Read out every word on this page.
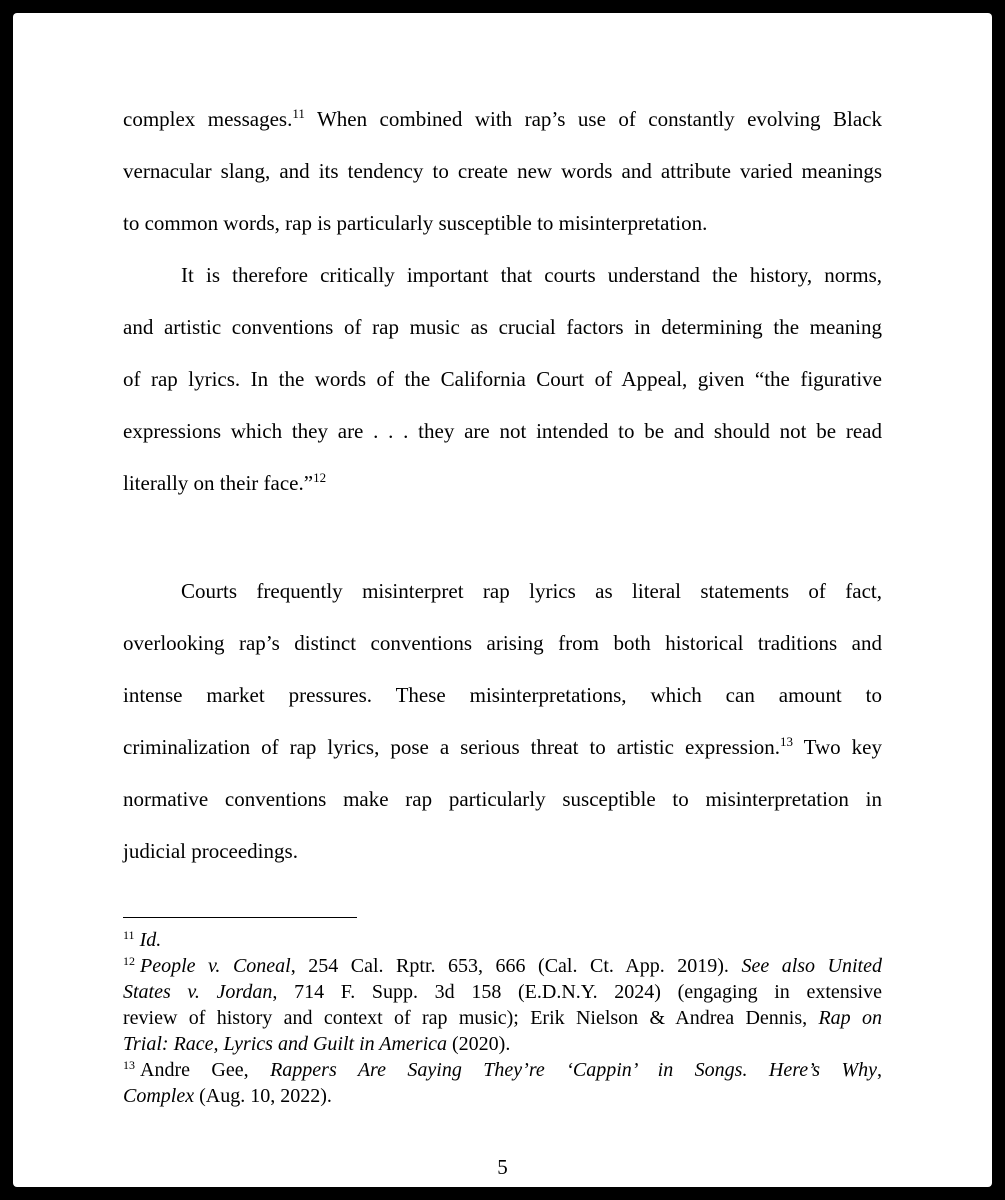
complex messages.$^{11}$ When combined with rap’s use of constantly evolving Black
vernacular slang, and its tendency to create new words and attribute varied meanings
to common words, rap is particularly susceptible to misinterpretation.
It is therefore critically important that courts understand the history, norms,
and artistic conventions of rap music as crucial factors in determining the meaning
of rap lyrics. In the words of the California Court of Appeal, given “the figurative
expressions which they are . . . they are not intended to be and should not be read
literally on their face.”$^{12}$
Courts frequently misinterpret rap lyrics as literal statements of fact,
overlooking rap’s distinct conventions arising from both historical traditions and
intense market pressures. These misinterpretations, which can amount to
criminalization of rap lyrics, pose a serious threat to artistic expression.$^{13}$ Two key
normative conventions make rap particularly susceptible to misinterpretation in
judicial proceedings.
$^{11}$ Id.
$^{12}$ People v. Coneal, 254 Cal. Rptr. 653, 666 (Cal. Ct. App. 2019). See also United
States v. Jordan, 714 F. Supp. 3d 158 (E.D.N.Y. 2024) (engaging in extensive
review of history and context of rap music); Erik Nielson & Andrea Dennis, Rap on
Trial: Race, Lyrics and Guilt in America (2020).
$^{13}$ Andre Gee, Rappers Are Saying They’re ‘Cappin’ in Songs. Here’s Why,
Complex (Aug. 10, 2022).
5
